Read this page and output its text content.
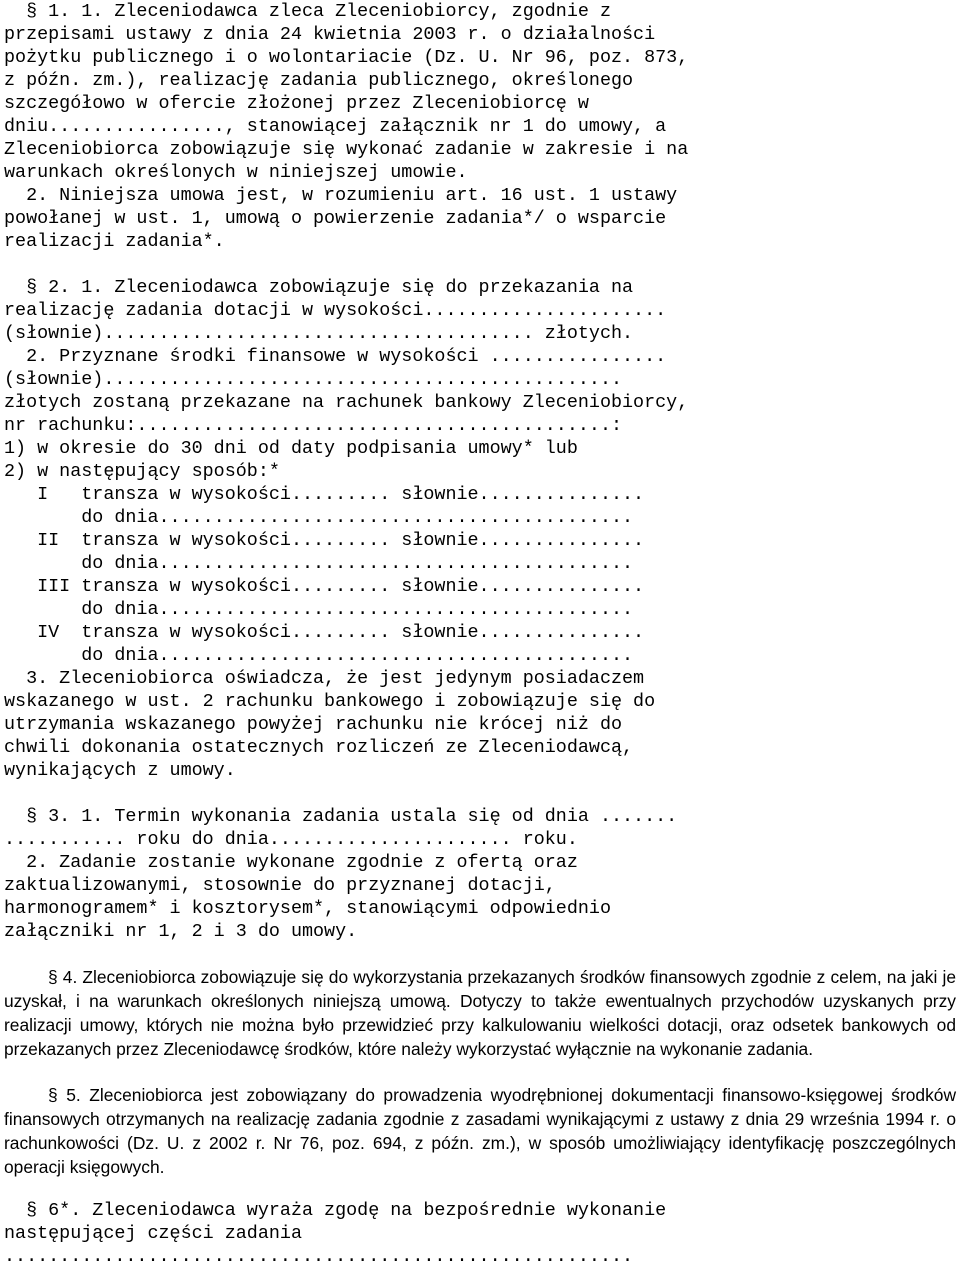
§ 1. 1. Zleceniodawca zleca Zleceniobiorcy, zgodnie z

przepisami ustawy z dnia 24 kwietnia 2003 r. o działalności

pożytku publicznego i o wolontariacie (Dz. U. Nr 96, poz. 873,

z późn. zm.), realizację zadania publicznego, określonego

szczegółowo w ofercie złożonej przez Zleceniobiorcę w

dniu................, stanowiącej załącznik nr 1 do umowy, a

Zleceniobiorca zobowiązuje się wykonać zadanie w zakresie i na

warunkach określonych w niniejszej umowie.

2. Niniejsza umowa jest, w rozumieniu art. 16 ust. 1 ustawy

powołanej w ust. 1, umową o powierzenie zadania*/ o wsparcie

realizacji zadania*.

§ 2. 1. Zleceniodawca zobowiązuje się do przekazania na

realizację zadania dotacji w wysokości......................

(słownie)....................................... złotych.

2. Przyznane środki finansowe w wysokości ................

(słownie)...............................................

złotych zostaną przekazane na rachunek bankowy Zleceniobiorcy,

nr rachunku:...........................................:

1) w okresie do 30 dni od daty podpisania umowy* lub

2) w następujący sposób:*

I   transza w wysokości......... słownie...............

do dnia...........................................

II  transza w wysokości......... słownie...............

do dnia...........................................

III transza w wysokości......... słownie...............

do dnia...........................................

IV  transza w wysokości......... słownie...............

do dnia...........................................

3. Zleceniobiorca oświadcza, że jest jedynym posiadaczem

wskazanego w ust. 2 rachunku bankowego i zobowiązuje się do

utrzymania wskazanego powyżej rachunku nie krócej niż do

chwili dokonania ostatecznych rozliczeń ze Zleceniodawcą,

wynikających z umowy.

§ 3. 1. Termin wykonania zadania ustala się od dnia .......

........... roku do dnia...................... roku.

2. Zadanie zostanie wykonane zgodnie z ofertą oraz

zaktualizowanymi, stosownie do przyznanej dotacji,

harmonogramem* i kosztorysem*, stanowiącymi odpowiednio

załączniki nr 1, 2 i 3 do umowy.

§ 4. Zleceniobiorca zobowiązuje się do wykorzystania przekazanych środków finansowych zgodnie z celem, na jaki je uzyskał, i na warunkach określonych niniejszą umową. Dotyczy to także ewentualnych przychodów uzyskanych przy realizacji umowy, których nie można było przewidzieć przy kalkulowaniu wielkości dotacji, oraz odsetek bankowych od przekazanych przez Zleceniodawcę środków, które należy wykorzystać wyłącznie na wykonanie zadania.

§ 5. Zleceniobiorca jest zobowiązany do prowadzenia wyodrębnionej dokumentacji finansowo-księgowej środków finansowych otrzymanych na realizację zadania zgodnie z zasadami wynikającymi z ustawy z dnia 29 września 1994 r. o rachunkowości (Dz. U. z 2002 r. Nr 76, poz. 694, z późn. zm.), w sposób umożliwiający identyfikację poszczególnych operacji księgowych.

§ 6*. Zleceniodawca wyraża zgodę na bezpośrednie wykonanie

następującej części zadania

.........................................................
